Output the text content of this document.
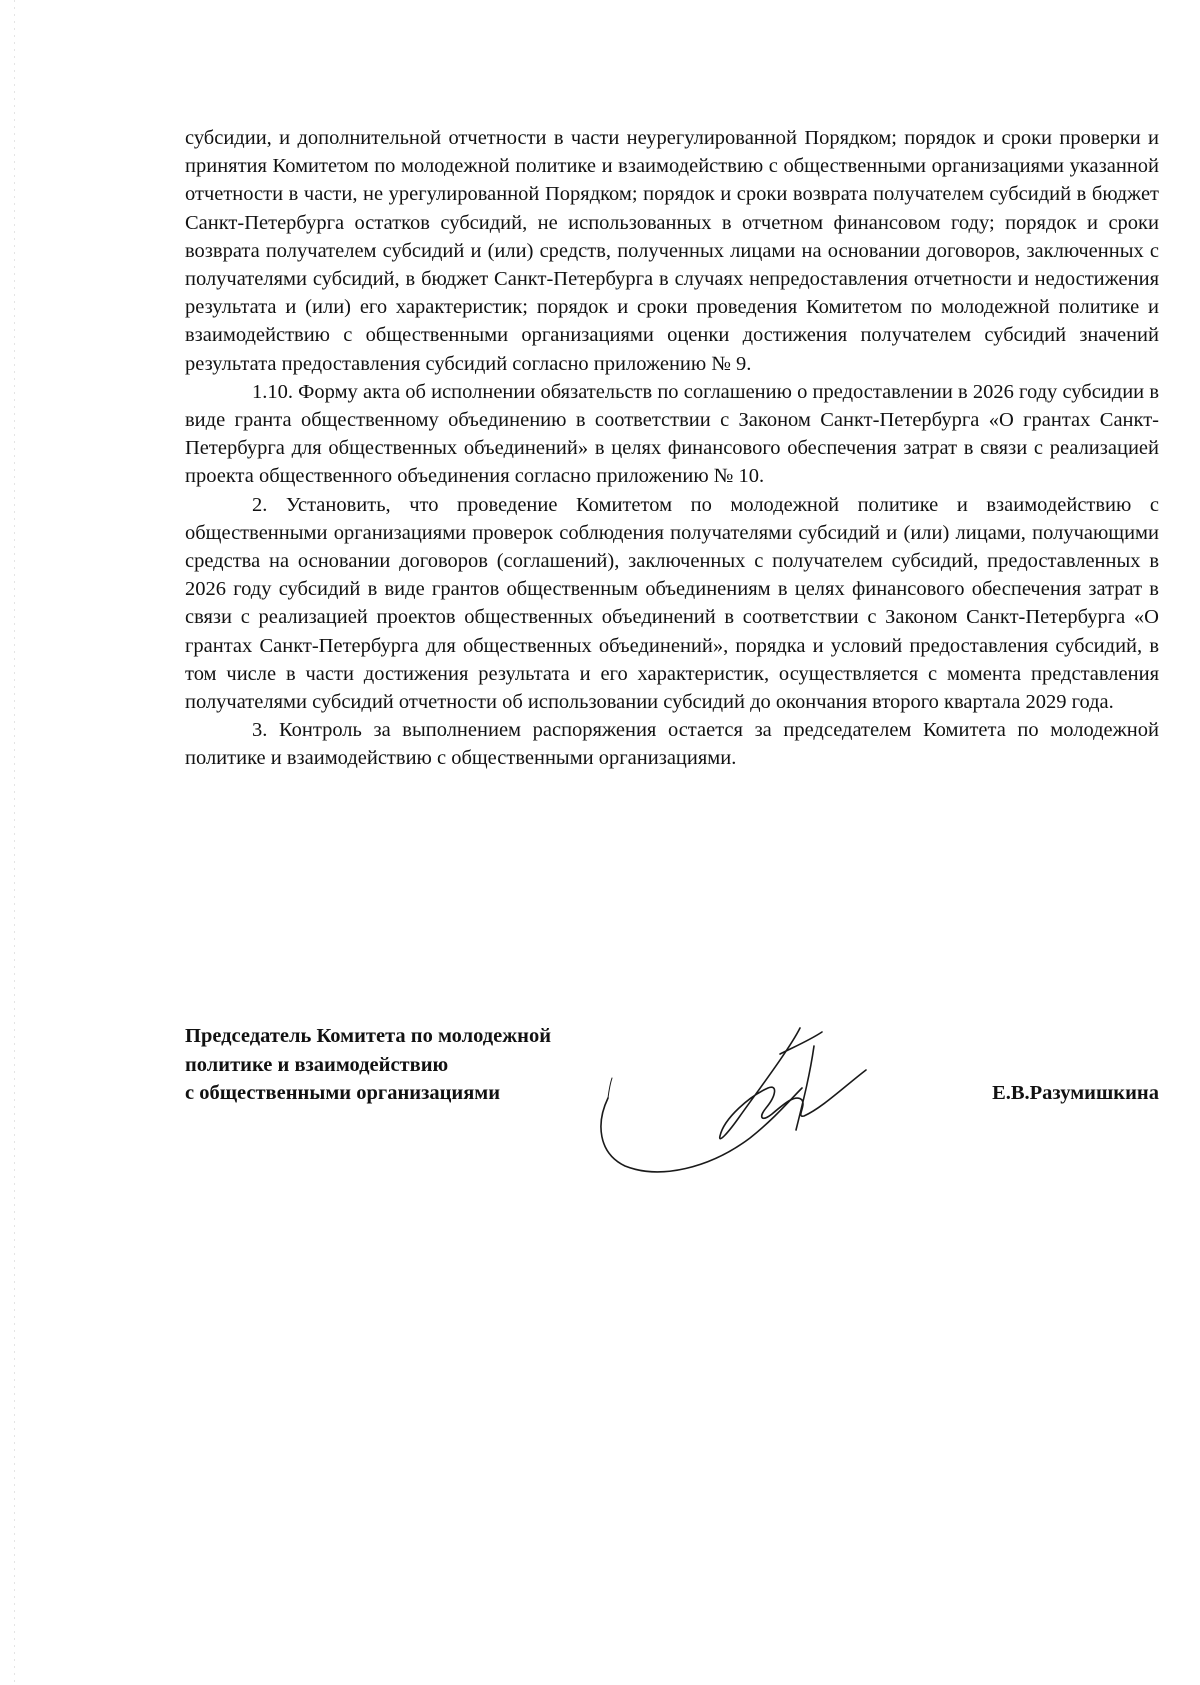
субсидии, и дополнительной отчетности в части неурегулированной Порядком; порядок и сроки проверки и принятия Комитетом по молодежной политике и взаимодействию с общественными организациями указанной отчетности в части, не урегулированной Порядком; порядок и сроки возврата получателем субсидий в бюджет Санкт-Петербурга остатков субсидий, не использованных в отчетном финансовом году; порядок и сроки возврата получателем субсидий и (или) средств, полученных лицами на основании договоров, заключенных с получателями субсидий, в бюджет Санкт-Петербурга в случаях непредоставления отчетности и недостижения результата и (или) его характеристик; порядок и сроки проведения Комитетом по молодежной политике и взаимодействию с общественными организациями оценки достижения получателем субсидий значений результата предоставления субсидий согласно приложению № 9.

1.10. Форму акта об исполнении обязательств по соглашению о предоставлении в 2026 году субсидии в виде гранта общественному объединению в соответствии с Законом Санкт-Петербурга «О грантах Санкт-Петербурга для общественных объединений» в целях финансового обеспечения затрат в связи с реализацией проекта общественного объединения согласно приложению № 10.

2. Установить, что проведение Комитетом по молодежной политике и взаимодействию с общественными организациями проверок соблюдения получателями субсидий и (или) лицами, получающими средства на основании договоров (соглашений), заключенных с получателем субсидий, предоставленных в 2026 году субсидий в виде грантов общественным объединениям в целях финансового обеспечения затрат в связи с реализацией проектов общественных объединений в соответствии с Законом Санкт-Петербурга «О грантах Санкт-Петербурга для общественных объединений», порядка и условий предоставления субсидий, в том числе в части достижения результата и его характеристик, осуществляется с момента представления получателями субсидий отчетности об использовании субсидий до окончания второго квартала 2029 года.

3. Контроль за выполнением распоряжения остается за председателем Комитета по молодежной политике и взаимодействию с общественными организациями.

Председатель Комитета по молодежной
политике и взаимодействию
с общественными организациями	Е.В.Разумишкина
